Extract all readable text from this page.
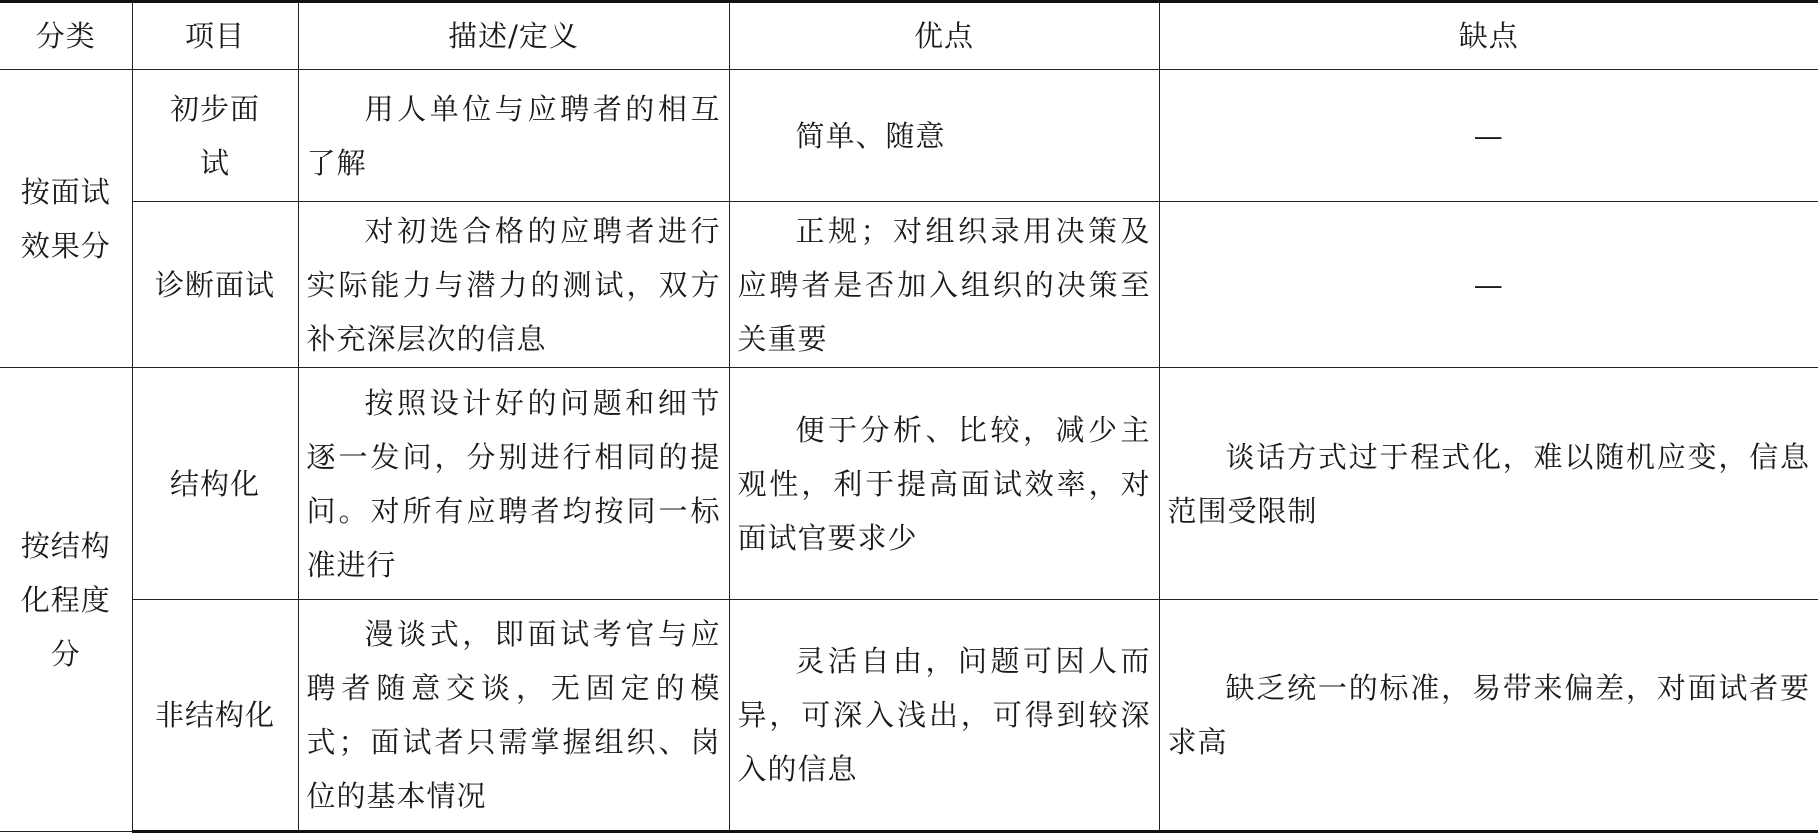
分类	项目	描述/定义	优点	缺点
按面试效果分	初步面试	用人单位与应聘者的相互了解	简单、随意	—
	诊断面试	对初选合格的应聘者进行实际能力与潜力的测试，双方补充深层次的信息	正规；对组织录用决策及应聘者是否加入组织的决策至关重要	—
按结构化程度分	结构化	按照设计好的问题和细节逐一发问，分别进行相同的提问。对所有应聘者均按同一标准进行	便于分析、比较，减少主观性，利于提高面试效率，对面试官要求少	谈话方式过于程式化，难以随机应变，信息范围受限制
	非结构化	漫谈式，即面试考官与应聘者随意交谈，无固定的模式；面试者只需掌握组织、岗位的基本情况	灵活自由，问题可因人而异，可深入浅出，可得到较深入的信息	缺乏统一的标准，易带来偏差，对面试者要求高
